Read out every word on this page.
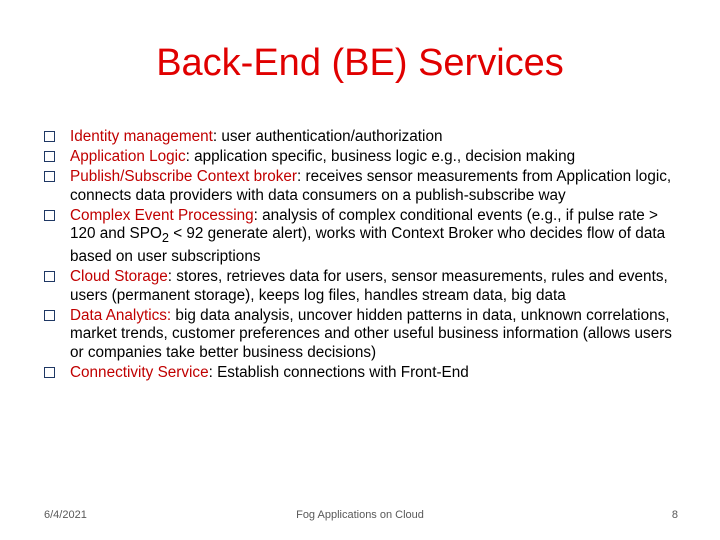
Back-End (BE) Services
Identity management: user authentication/authorization
Application Logic: application specific, business logic e.g., decision making
Publish/Subscribe Context broker: receives sensor measurements from Application logic, connects data providers with data consumers on a publish-subscribe way
Complex Event Processing: analysis of complex conditional events (e.g., if pulse rate > 120 and $SPO_2 < 92$ generate alert), works with Context Broker who decides flow of data based on user subscriptions
Cloud Storage: stores, retrieves data for users, sensor measurements, rules and events, users (permanent storage), keeps log files, handles stream data, big data
Data Analytics: big data analysis, uncover hidden patterns in data, unknown correlations, market trends, customer preferences and other useful business information (allows users or companies take better business decisions)
Connectivity Service: Establish connections with Front-End
6/4/2021	Fog Applications on Cloud	8
